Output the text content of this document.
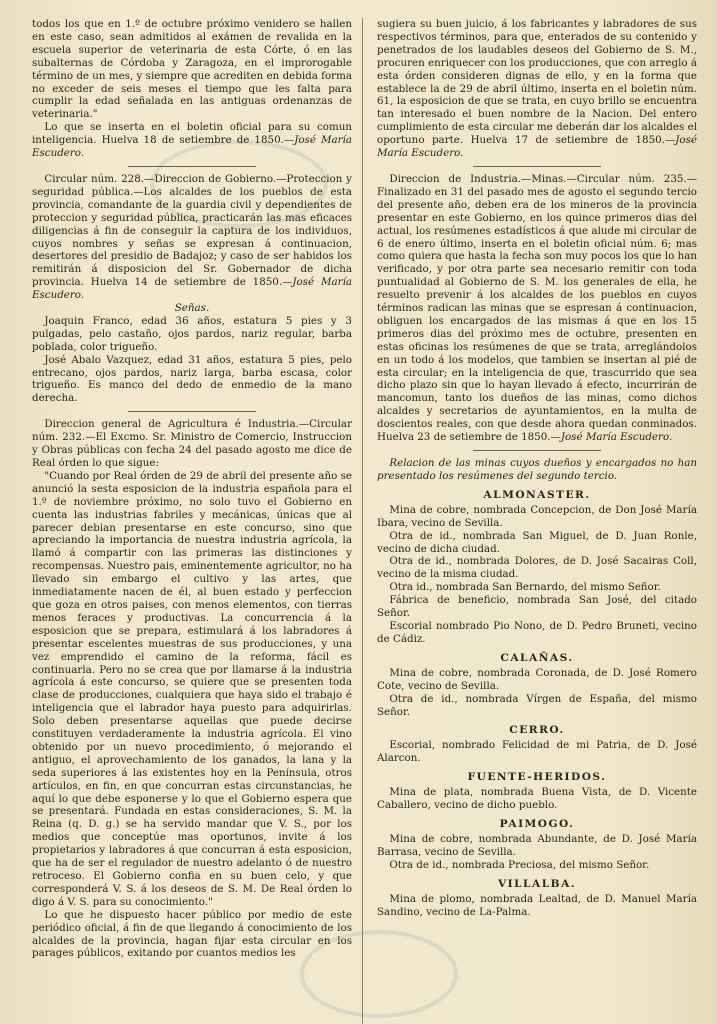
todos los que en 1.º de octubre próximo venidero se hallen en este caso, sean admitidos al exámen de revalida en la escuela superior de veterinaria de esta Córte, ó en las subalternas de Córdoba y Zaragoza, en el improrogable término de un mes, y siempre que acrediten en debida forma no exceder de seis meses el tiempo que les falta para cumplir la edad señalada en las antiguas ordenanzas de veterinaria."

Lo que se inserta en el boletin oficial para su comun inteligencia. Huelva 18 de setiembre de 1850.—José María Escudero.

Circular núm. 228.—Direccion de Gobierno.—Proteccion y seguridad pública.—Los alcaldes de los pueblos de esta provincia, comandante de la guardia civil y dependientes de proteccion y seguridad pública, practicarán las mas eficaces diligencias á fin de conseguir la captura de los individuos, cuyos nombres y señas se expresan á continuacion, desertores del presidio de Badajoz; y caso de ser habidos los remitirán á disposicion del Sr. Gobernador de dicha provincia. Huelva 14 de setiembre de 1850.—José María Escudero.

Señas.

Joaquin Franco, edad 36 años, estatura 5 pies y 3 pulgadas, pelo castaño, ojos pardos, nariz regular, barba poblada, color trigueño.

José Abalo Vazquez, edad 31 años, estatura 5 pies, pelo entrecano, ojos pardos, nariz larga, barba escasa, color trigueño. Es manco del dedo de enmedio de la mano derecha.

Direccion general de Agricultura é Industria.—Circular núm. 232.—El Excmo. Sr. Ministro de Comercio, Instruccion y Obras públicas con fecha 24 del pasado agosto me dice de Real órden lo que sigue:

"Cuando por Real órden de 29 de abril del presente año se anunció la sesta esposicion de la industria española para el 1.º de noviembre próximo, no solo tuvo el Gobierno en cuenta las industrias fabriles y mecánicas, únicas que al parecer debian presentarse en este concurso, sino que apreciando la importancia de nuestra industria agrícola, la llamó á compartir con las primeras las distinciones y recompensas. Nuestro pais, eminentemente agricultor, no ha llevado sin embargo el cultivo y las artes, que inmediatamente nacen de él, al buen estado y perfeccion que goza en otros paises, con menos elementos, con tierras menos feraces y productivas. La concurrencia á la esposicion que se prepara, estimulará á los labradores á presentar escelentes muestras de sus producciones, y una vez emprendido el camino de la reforma, fácil es continuarla. Pero no se crea que por llamarse á la industria agrícola á este concurso, se quiere que se presenten toda clase de producciones, cualquiera que haya sido el trabajo é inteligencia que el labrador haya puesto para adquirirlas. Solo deben presentarse aquellas que puede decirse constituyen verdaderamente la industria agrícola. El vino obtenido por un nuevo procedimiento, ó mejorando el antiguo, el aprovechamiento de los ganados, la lana y la seda superiores á las existentes hoy en la Península, otros artículos, en fin, en que concurran estas circunstancias, he aquí lo que debe esponerse y lo que el Gobierno espera que se presentará. Fundada en estas consideraciones, S. M. la Reina (q. D. g.) se ha servido mandar que V. S., por los medios que conceptúe mas oportunos, invite á los propietarios y labradores á que concurran á esta esposicion, que ha de ser el regulador de nuestro adelanto ó de nuestro retroceso. El Gobierno confia en su buen celo, y que corresponderá V. S. á los deseos de S. M. De Real órden lo digo á V. S. para su conocimiento."

Lo que he dispuesto hacer público por medio de este periódico oficial, á fin de que llegando á conocimiento de los alcaldes de la provincia, hagan fijar esta circular en los parages públicos, exitando por cuantos medios les

sugiera su buen juicio, á los fabricantes y labradores de sus respectivos términos, para que, enterados de su contenido y penetrados de los laudables deseos del Gobierno de S. M., procuren enriquecer con los producciones, que con arreglo á esta órden consideren dignas de ello, y en la forma que establece la de 29 de abril último, inserta en el boletin núm. 61, la esposicion de que se trata, en cuyo brillo se encuentra tan interesado el buen nombre de la Nacion. Del entero cumplimiento de esta circular me deberán dar los alcaldes el oportuno parte. Huelva 17 de setiembre de 1850.—José María Escudero.

Direccion de Industria.—Minas.—Circular núm. 235.—Finalizado en 31 del pasado mes de agosto el segundo tercio del presente año, deben era de los mineros de la provincia presentar en este Gobierno, en los quince primeros dias del actual, los resúmenes estadísticos á que alude mi circular de 6 de enero último, inserta en el boletin oficial núm. 6; mas como quiera que hasta la fecha son muy pocos los que lo han verificado, y por otra parte sea necesario remitir con toda puntualidad al Gobierno de S. M. los generales de ella, he resuelto prevenir á los alcaldes de los pueblos en cuyos términos radican las minas que se espresan á continuacion, obliguen los encargados de las mismas á que en los 15 primeros dias del próximo mes de octubre, presenten en estas oficinas los resúmenes de que se trata, arreglándolos en un todo á los modelos, que tambien se insertan al pié de esta circular; en la inteligencia de que, trascurrido que sea dicho plazo sin que lo hayan llevado á efecto, incurrirán de mancomun, tanto los dueños de las minas, como dichos alcaldes y secretarios de ayuntamientos, en la multa de doscientos reales, con que desde ahora quedan conminados. Huelva 23 de setiembre de 1850.—José María Escudero.

Relacion de las minas cuyos dueños y encargados no han presentado los resúmenes del segundo tercio.

ALMONASTER.

Mina de cobre, nombrada Concepcion, de Don José María Ibara, vecino de Sevilla.

Otra de id., nombrada San Miguel, de D. Juan Ronle, vecino de dicha ciudad.

Otra de id., nombrada Dolores, de D. José Sacairas Coll, vecino de la misma ciudad.

Otra id., nombrada San Bernardo, del mismo Señor.

Fábrica de beneficio, nombrada San José, del citado Señor.

Escorial nombrado Pio Nono, de D. Pedro Bruneti, vecino de Cádiz.

CALAÑAS.

Mina de cobre, nombrada Coronada, de D. José Romero Cote, vecino de Sevilla.

Otra de id., nombrada Vírgen de España, del mismo Señor.

CERRO.

Escorial, nombrado Felicidad de mi Patria, de D. José Alarcon.

FUENTE-HERIDOS.

Mina de plata, nombrada Buena Vista, de D. Vicente Caballero, vecino de dicho pueblo.

PAIMOGO.

Mina de cobre, nombrada Abundante, de D. José María Barrasa, vecino de Sevilla.

Otra de id., nombrada Preciosa, del mismo Señor.

VILLALBA.

Mina de plomo, nombrada Lealtad, de D. Manuel María Sandino, vecino de La-Palma.
